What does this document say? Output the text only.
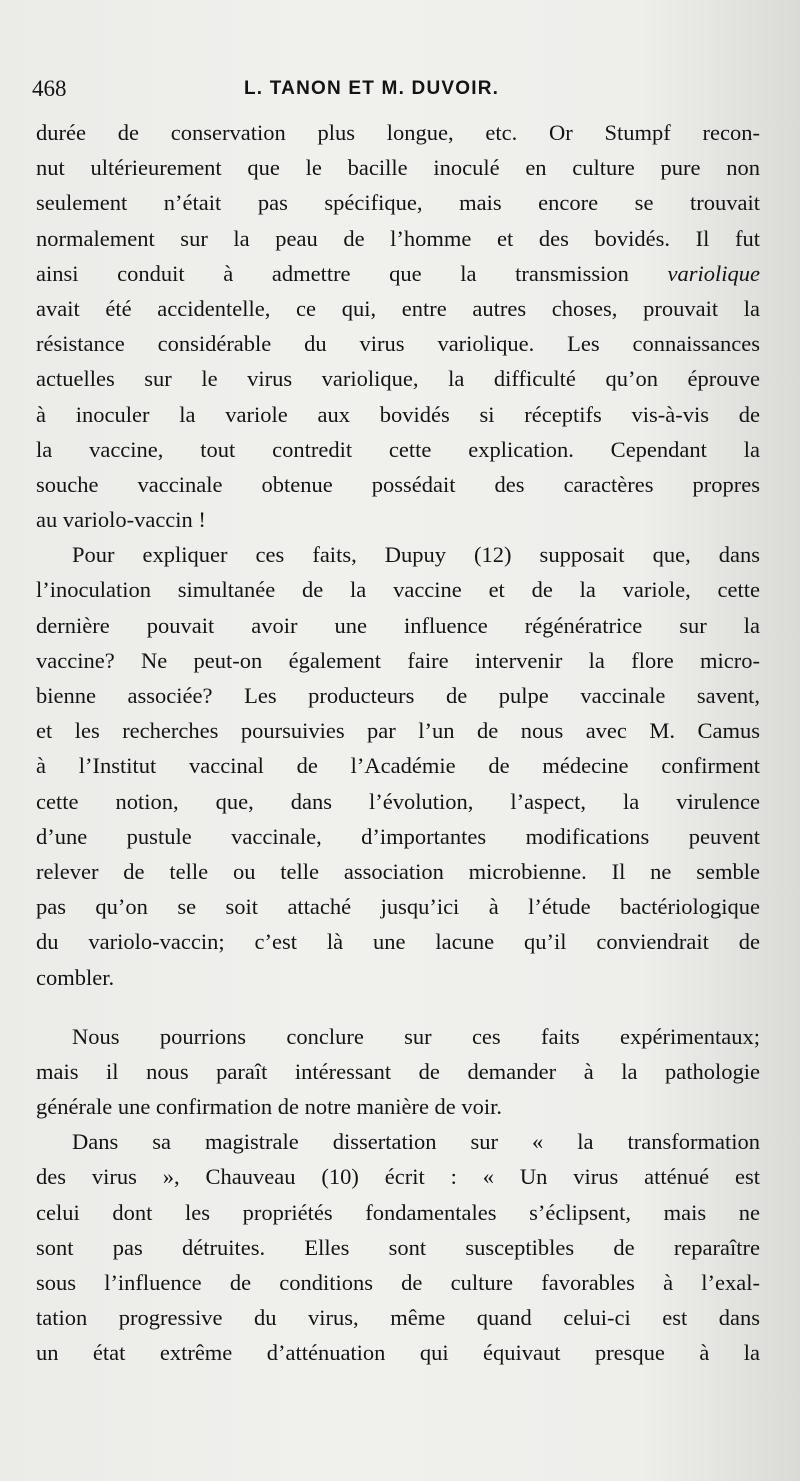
468	L. TANON ET M. DUVOIR.
durée de conservation plus longue, etc. Or Stumpf recon-
nut ultérieurement que le bacille inoculé en culture pure non
seulement n’était pas spécifique, mais encore se trouvait
normalement sur la peau de l’homme et des bovidés. Il fut
ainsi conduit à admettre que la transmission variolique
avait été accidentelle, ce qui, entre autres choses, prouvait la
résistance considérable du virus variolique. Les connaissances
actuelles sur le virus variolique, la difficulté qu’on éprouve
à inoculer la variole aux bovidés si réceptifs vis-à-vis de
la vaccine, tout contredit cette explication. Cependant la
souche vaccinale obtenue possédait des caractères propres
au variolo-vaccin !
Pour expliquer ces faits, Dupuy (12) supposait que, dans
l’inoculation simultanée de la vaccine et de la variole, cette
dernière pouvait avoir une influence régénératrice sur la
vaccine? Ne peut-on également faire intervenir la flore micro-
bienne associée? Les producteurs de pulpe vaccinale savent,
et les recherches poursuivies par l’un de nous avec M. Camus
à l’Institut vaccinal de l’Académie de médecine confirment
cette notion, que, dans l’évolution, l’aspect, la virulence
d’une pustule vaccinale, d’importantes modifications peuvent
relever de telle ou telle association microbienne. Il ne semble
pas qu’on se soit attaché jusqu’ici à l’étude bactériologique
du variolo-vaccin; c’est là une lacune qu’il conviendrait de
combler.
Nous pourrions conclure sur ces faits expérimentaux;
mais il nous paraît intéressant de demander à la pathologie
générale une confirmation de notre manière de voir.
Dans sa magistrale dissertation sur « la transformation
des virus », Chauveau (10) écrit : « Un virus atténué est
celui dont les propriétés fondamentales s’éclipsent, mais ne
sont pas détruites. Elles sont susceptibles de reparaître
sous l’influence de conditions de culture favorables à l’exal-
tation progressive du virus, même quand celui-ci est dans
un état extrême d’atténuation qui équivaut presque à la
